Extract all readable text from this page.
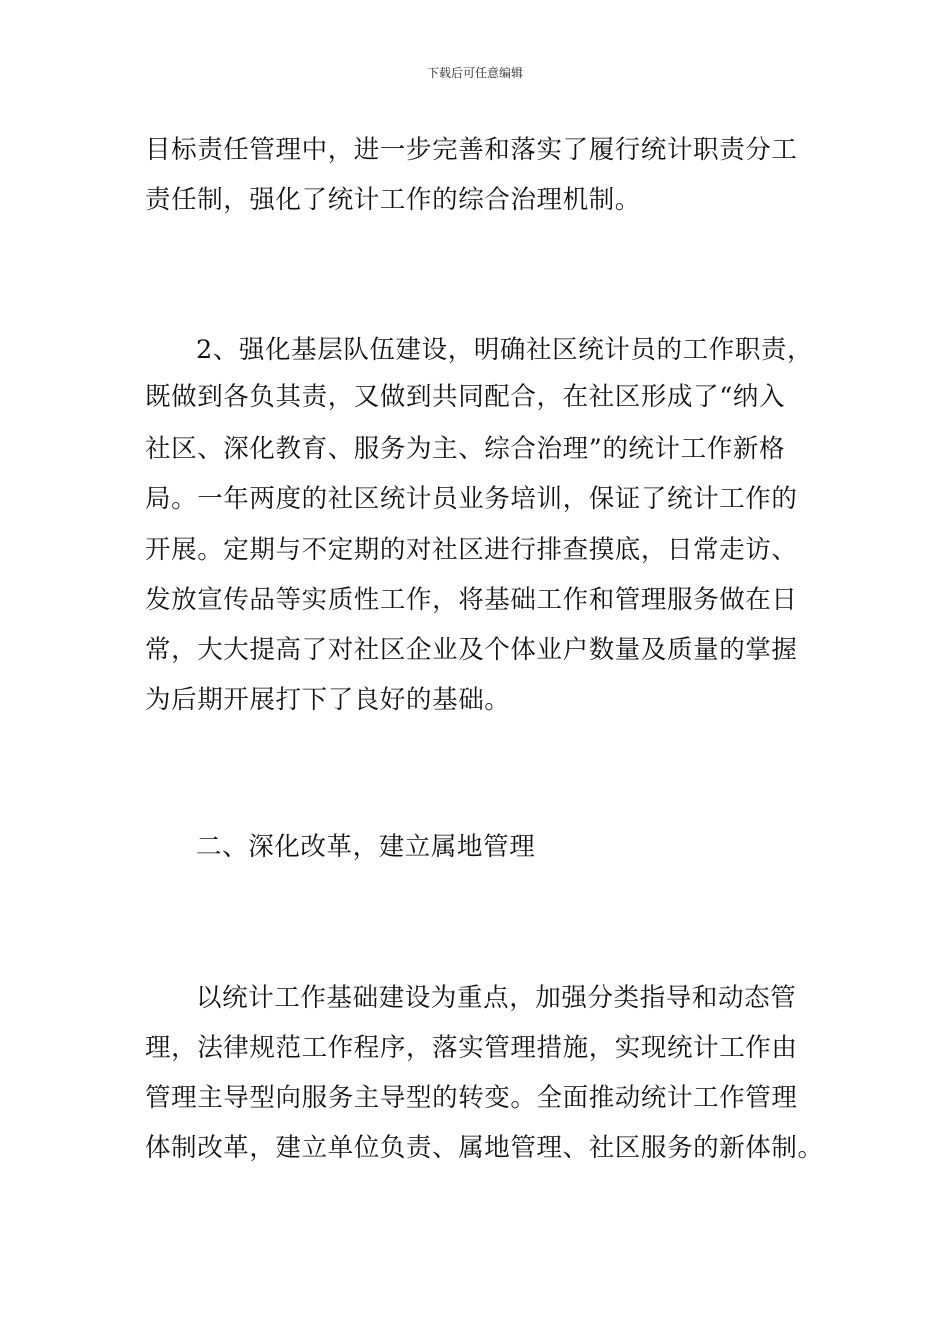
下载后可任意编辑
目标责任管理中，进一步完善和落实了履行统计职责分工
责任制，强化了统计工作的综合治理机制。
2、强化基层队伍建设，明确社区统计员的工作职责，
既做到各负其责，又做到共同配合，在社区形成了“纳入
社区、深化教育、服务为主、综合治理”的统计工作新格
局。一年两度的社区统计员业务培训，保证了统计工作的
开展。定期与不定期的对社区进行排查摸底，日常走访、
发放宣传品等实质性工作，将基础工作和管理服务做在日
常，大大提高了对社区企业及个体业户数量及质量的掌握
为后期开展打下了良好的基础。
二、深化改革，建立属地管理
以统计工作基础建设为重点，加强分类指导和动态管
理，法律规范工作程序，落实管理措施，实现统计工作由
管理主导型向服务主导型的转变。全面推动统计工作管理
体制改革，建立单位负责、属地管理、社区服务的新体制。
